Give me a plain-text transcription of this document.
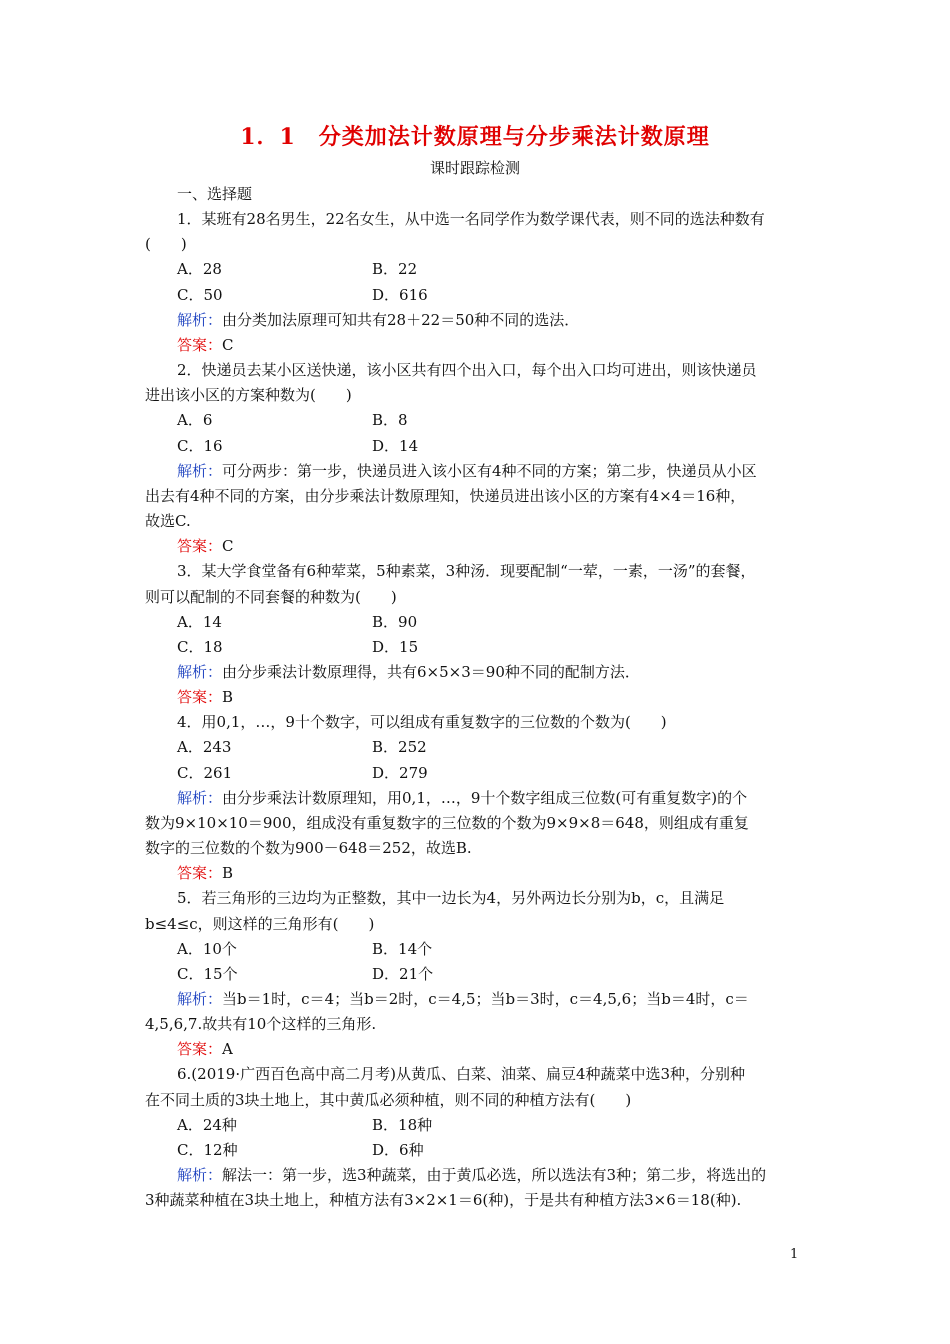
1．1　分类加法计数原理与分步乘法计数原理
课时跟踪检测

一、选择题

1．某班有28名男生，22名女生，从中选一名同学作为数学课代表，则不同的选法种数有

(　　)

A．28	B．22
C．50	D．616

解析：由分类加法原理可知共有28＋22＝50种不同的选法．

答案：C

2．快递员去某小区送快递，该小区共有四个出入口，每个出入口均可进出，则该快递员

进出该小区的方案种数为(　　)

A．6	B．8
C．16	D．14

解析：可分两步：第一步，快递员进入该小区有4种不同的方案；第二步，快递员从小区

出去有4种不同的方案，由分步乘法计数原理知，快递员进出该小区的方案有4×4＝16种，

故选C.

答案：C

3．某大学食堂备有6种荤菜，5种素菜，3种汤．现要配制“一荤，一素，一汤”的套餐，

则可以配制的不同套餐的种数为(　　)

A．14	B．90
C．18	D．15

解析：由分步乘法计数原理得，共有6×5×3＝90种不同的配制方法．

答案：B

4．用0,1，…，9十个数字，可以组成有重复数字的三位数的个数为(　　)

A．243	B．252
C．261	D．279

解析：由分步乘法计数原理知，用0,1，…，9十个数字组成三位数(可有重复数字)的个

数为9×10×10＝900，组成没有重复数字的三位数的个数为9×9×8＝648，则组成有重复

数字的三位数的个数为900－648＝252，故选B.

答案：B

5．若三角形的三边均为正整数，其中一边长为4，另外两边长分别为b，c，且满足

b≤4≤c，则这样的三角形有(　　)

A．10个	B．14个
C．15个	D．21个

解析：当b＝1时，c＝4；当b＝2时，c＝4,5；当b＝3时，c＝4,5,6；当b＝4时，c＝

4,5,6,7.故共有10个这样的三角形.

答案：A

6.(2019·广西百色高中高二月考)从黄瓜、白菜、油菜、扁豆4种蔬菜中选3种，分别种

在不同土质的3块土地上，其中黄瓜必须种植，则不同的种植方法有(　　)

A．24种	B．18种
C．12种	D．6种

解析：解法一：第一步，选3种蔬菜，由于黄瓜必选，所以选法有3种；第二步，将选出的

3种蔬菜种植在3块土地上，种植方法有3×2×1＝6(种)，于是共有种植方法3×6＝18(种).

1
